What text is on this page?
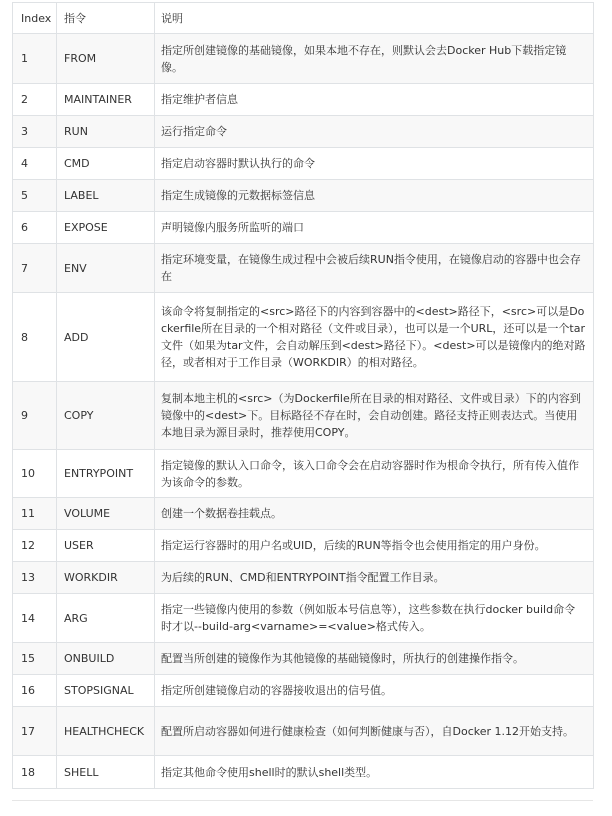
Index	指令	说明
1	FROM	指定所创建镜像的基础镜像，如果本地不存在，则默认会去Docker Hub下载指定镜像。
2	MAINTAINER	指定维护者信息
3	RUN	运行指定命令
4	CMD	指定启动容器时默认执行的命令
5	LABEL	指定生成镜像的元数据标签信息
6	EXPOSE	声明镜像内服务所监听的端口
7	ENV	指定环境变量，在镜像生成过程中会被后续RUN指令使用，在镜像启动的容器中也会存在
8	ADD	该命令将复制指定的<src>路径下的内容到容器中的<dest>路径下，<src>可以是Dockerfile所在目录的一个相对路径（文件或目录），也可以是一个URL，还可以是一个tar文件（如果为tar文件，会自动解压到<dest>路径下）。<dest>可以是镜像内的绝对路径，或者相对于工作目录（WORKDIR）的相对路径。
9	COPY	复制本地主机的<src>（为Dockerfile所在目录的相对路径、文件或目录）下的内容到镜像中的<dest>下。目标路径不存在时，会自动创建。路径支持正则表达式。当使用本地目录为源目录时，推荐使用COPY。
10	ENTRYPOINT	指定镜像的默认入口命令，该入口命令会在启动容器时作为根命令执行，所有传入值作为该命令的参数。
11	VOLUME	创建一个数据卷挂载点。
12	USER	指定运行容器时的用户名或UID，后续的RUN等指令也会使用指定的用户身份。
13	WORKDIR	为后续的RUN、CMD和ENTRYPOINT指令配置工作目录。
14	ARG	指定一些镜像内使用的参数（例如版本号信息等），这些参数在执行docker build命令时才以--build-arg<varname>=<value>格式传入。
15	ONBUILD	配置当所创建的镜像作为其他镜像的基础镜像时，所执行的创建操作指令。
16	STOPSIGNAL	指定所创建镜像启动的容器接收退出的信号值。
17	HEALTHCHECK	配置所启动容器如何进行健康检查（如何判断健康与否），自Docker 1.12开始支持。
18	SHELL	指定其他命令使用shell时的默认shell类型。
